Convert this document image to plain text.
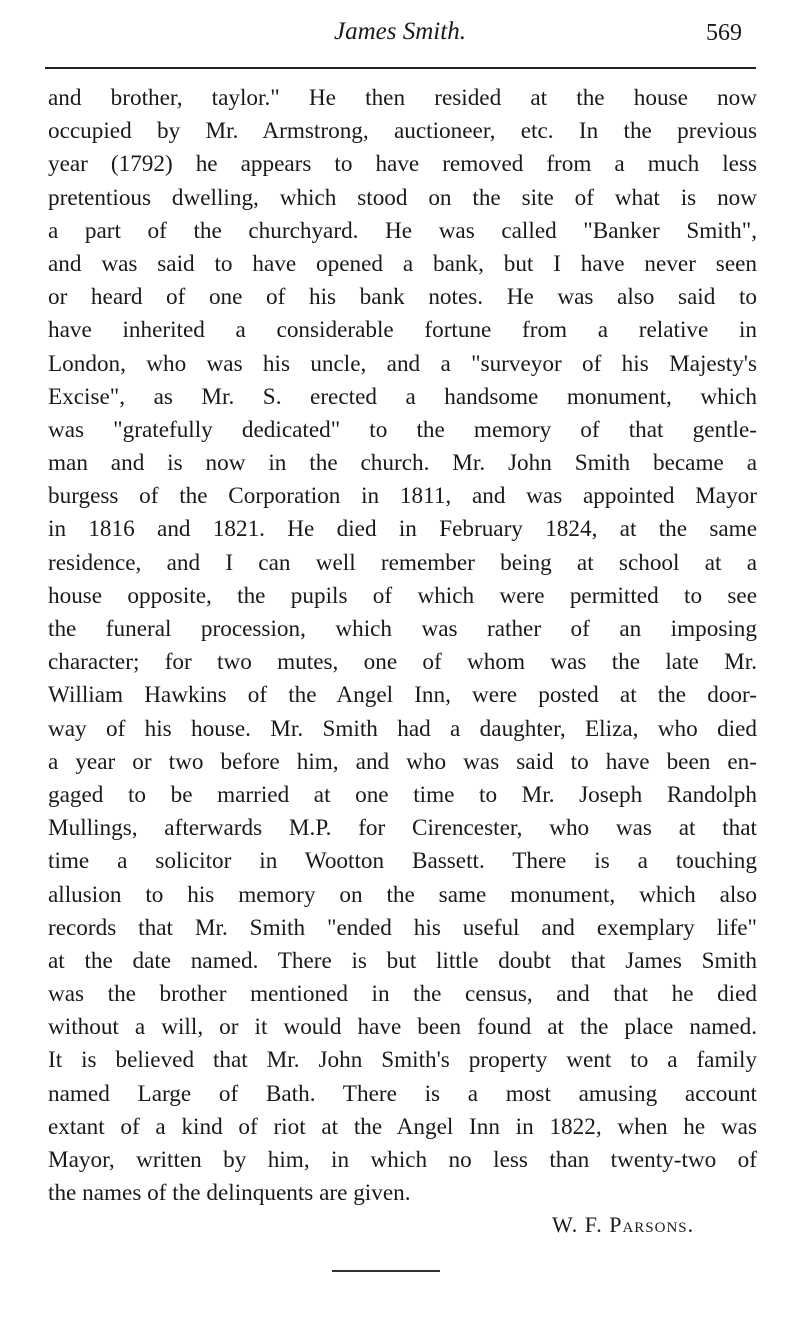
James Smith.	569
and brother, taylor." He then resided at the house now
occupied by Mr. Armstrong, auctioneer, etc. In the previous
year (1792) he appears to have removed from a much less
pretentious dwelling, which stood on the site of what is now
a part of the churchyard. He was called "Banker Smith",
and was said to have opened a bank, but I have never seen
or heard of one of his bank notes. He was also said to
have inherited a considerable fortune from a relative in
London, who was his uncle, and a "surveyor of his Majesty's
Excise", as Mr. S. erected a handsome monument, which
was "gratefully dedicated" to the memory of that gentle-
man and is now in the church. Mr. John Smith became a
burgess of the Corporation in 1811, and was appointed Mayor
in 1816 and 1821. He died in February 1824, at the same
residence, and I can well remember being at school at a
house opposite, the pupils of which were permitted to see
the funeral procession, which was rather of an imposing
character; for two mutes, one of whom was the late Mr.
William Hawkins of the Angel Inn, were posted at the door-
way of his house. Mr. Smith had a daughter, Eliza, who died
a year or two before him, and who was said to have been en-
gaged to be married at one time to Mr. Joseph Randolph
Mullings, afterwards M.P. for Cirencester, who was at that
time a solicitor in Wootton Bassett. There is a touching
allusion to his memory on the same monument, which also
records that Mr. Smith "ended his useful and exemplary life"
at the date named. There is but little doubt that James Smith
was the brother mentioned in the census, and that he died
without a will, or it would have been found at the place named.
It is believed that Mr. John Smith's property went to a family
named Large of Bath. There is a most amusing account
extant of a kind of riot at the Angel Inn in 1822, when he was
Mayor, written by him, in which no less than twenty-two of
the names of the delinquents are given.
W. F. Parsons.
